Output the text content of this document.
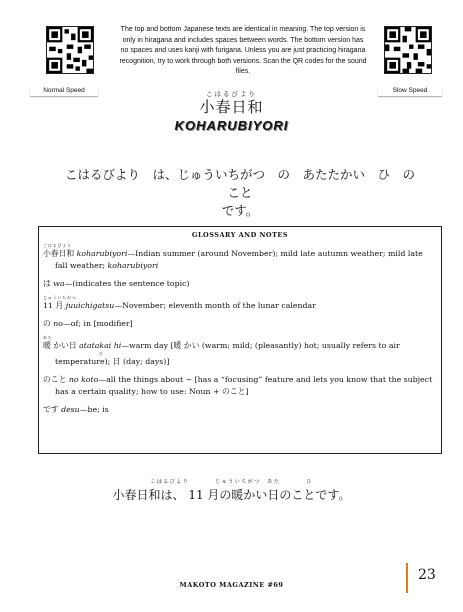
Normal Speed	Slow Speed
The top and bottom Japanese texts are identical in meaning. The top version is only in hiragana and includes spaces between words. The bottom version has no spaces and uses kanji with furigana. Unless you are just practicing hiragana recognition, try to work through both versions. Scan the QR codes for the sound files.
こはるびより
小春日和
KOHARUBIYORI
こはるびより　は、じゅういちがつ　の　あたたかい　ひ　の　こと
です。
GLOSSARY AND NOTES
こはるびより
小春日和 koharubiyori—Indian summer (around November); mild late autumn weather; mild late
fall weather; koharubiyori
は wa—(indicates the sentence topic)
じゅういちがつ
11 月 juuichigatsu—November; eleventh month of the lunar calendar
の no—of; in [modifier]
あた
暖 かい日 atatakai hi—warm day [暖 かい (warm; mild; (pleasantly) hot; usually refers to air
ひ
temperature); 日 (day; days)]
のこと no koto—all the things about ~ [has a “focusing” feature and lets you know that the subject
has a certain quality; how to use: Noun + のこと]
です desu—be; is
こはるびより　　　　じゅういちがつ　あた　　　　ひ
小春日和は、 11 月の暖かい日のことです。
MAKOTO MAGAZINE #69
23
